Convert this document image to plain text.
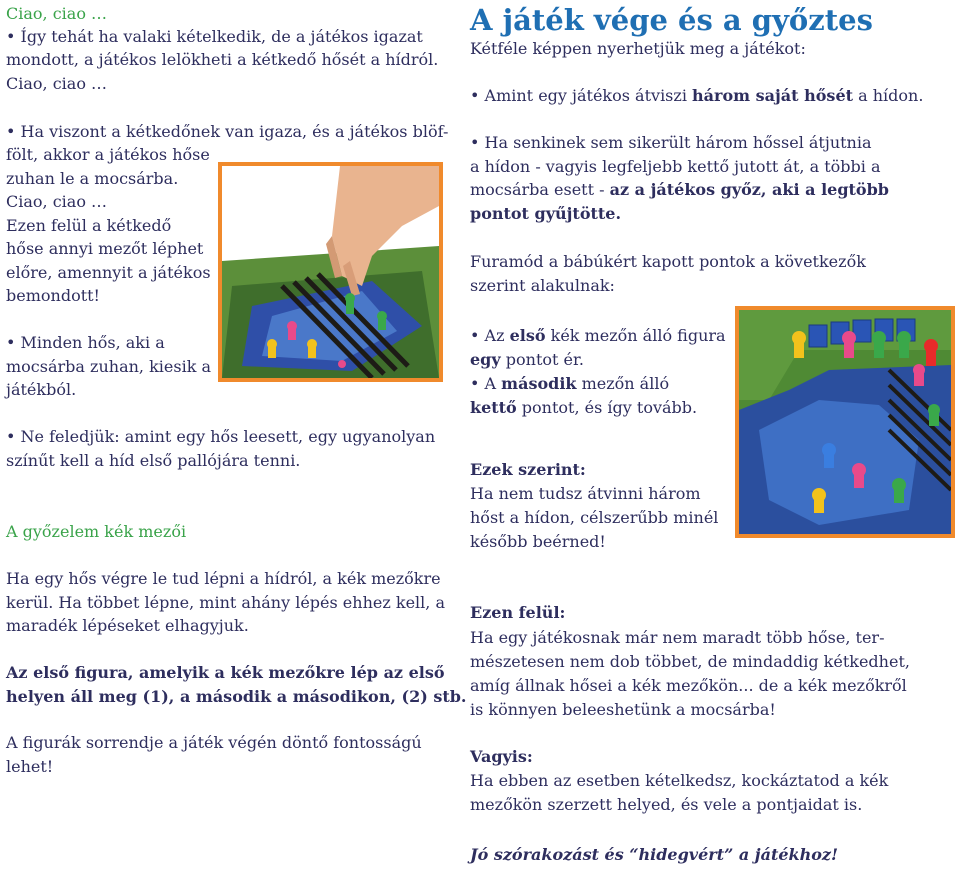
Ciao, ciao …

• Így tehát ha valaki kételkedik, de a játékos igazat

mondott, a játékos lelökheti a kétkedő hősét a hídról.

Ciao, ciao …

• Ha viszont a kétkedőnek van igaza, és a játékos blöf-

fölt, akkor a játékos hőse

zuhan le a mocsárba.

Ciao, ciao …

Ezen felül a kétkedő

hőse annyi mezőt léphet

előre, amennyit a játékos

bemondott!

• Minden hős, aki a

mocsárba zuhan, kiesik a

játékból.

• Ne feledjük: amint egy hős leesett, egy ugyanolyan

színűt kell a híd első pallójára tenni.

A győzelem kék mezői

Ha egy hős végre le tud lépni a hídról, a kék mezőkre

kerül. Ha többet lépne, mint ahány lépés ehhez kell, a

maradék lépéseket elhagyjuk.

Az első figura, amelyik a kék mezőkre lép az első

helyen áll meg (1), a második a másodikon, (2) stb.

A figurák sorrendje a játék végén döntő fontosságú

lehet!

A játék vége és a győztes

Kétféle képpen nyerhetjük meg a játékot:

• Amint egy játékos átviszi három saját hősét a hídon.

• Ha senkinek sem sikerült három hőssel átjutnia

a hídon - vagyis legfeljebb kettő jutott át, a többi a

mocsárba esett - az a játékos győz, aki a legtöbb

pontot gyűjtötte.

Furamód a bábúkért kapott pontok a következők

szerint alakulnak:

• Az első kék mezőn álló figura

egy pontot ér.

• A második mezőn álló

kettő pontot, és így tovább.

Ezek szerint:

Ha nem tudsz átvinni három

hőst a hídon, célszerűbb minél

később beérned!

Ezen felül:

Ha egy játékosnak már nem maradt több hőse, ter-

mészetesen nem dob többet, de mindaddig kétkedhet,

amíg állnak hősei a kék mezőkön... de a kék mezőkről

is könnyen beleeshetünk a mocsárba!

Vagyis:

Ha ebben az esetben kételkedsz, kockáztatod a kék

mezőkön szerzett helyed, és vele a pontjaidat is.

Jó szórakozást és “hidegvért” a játékhoz!
